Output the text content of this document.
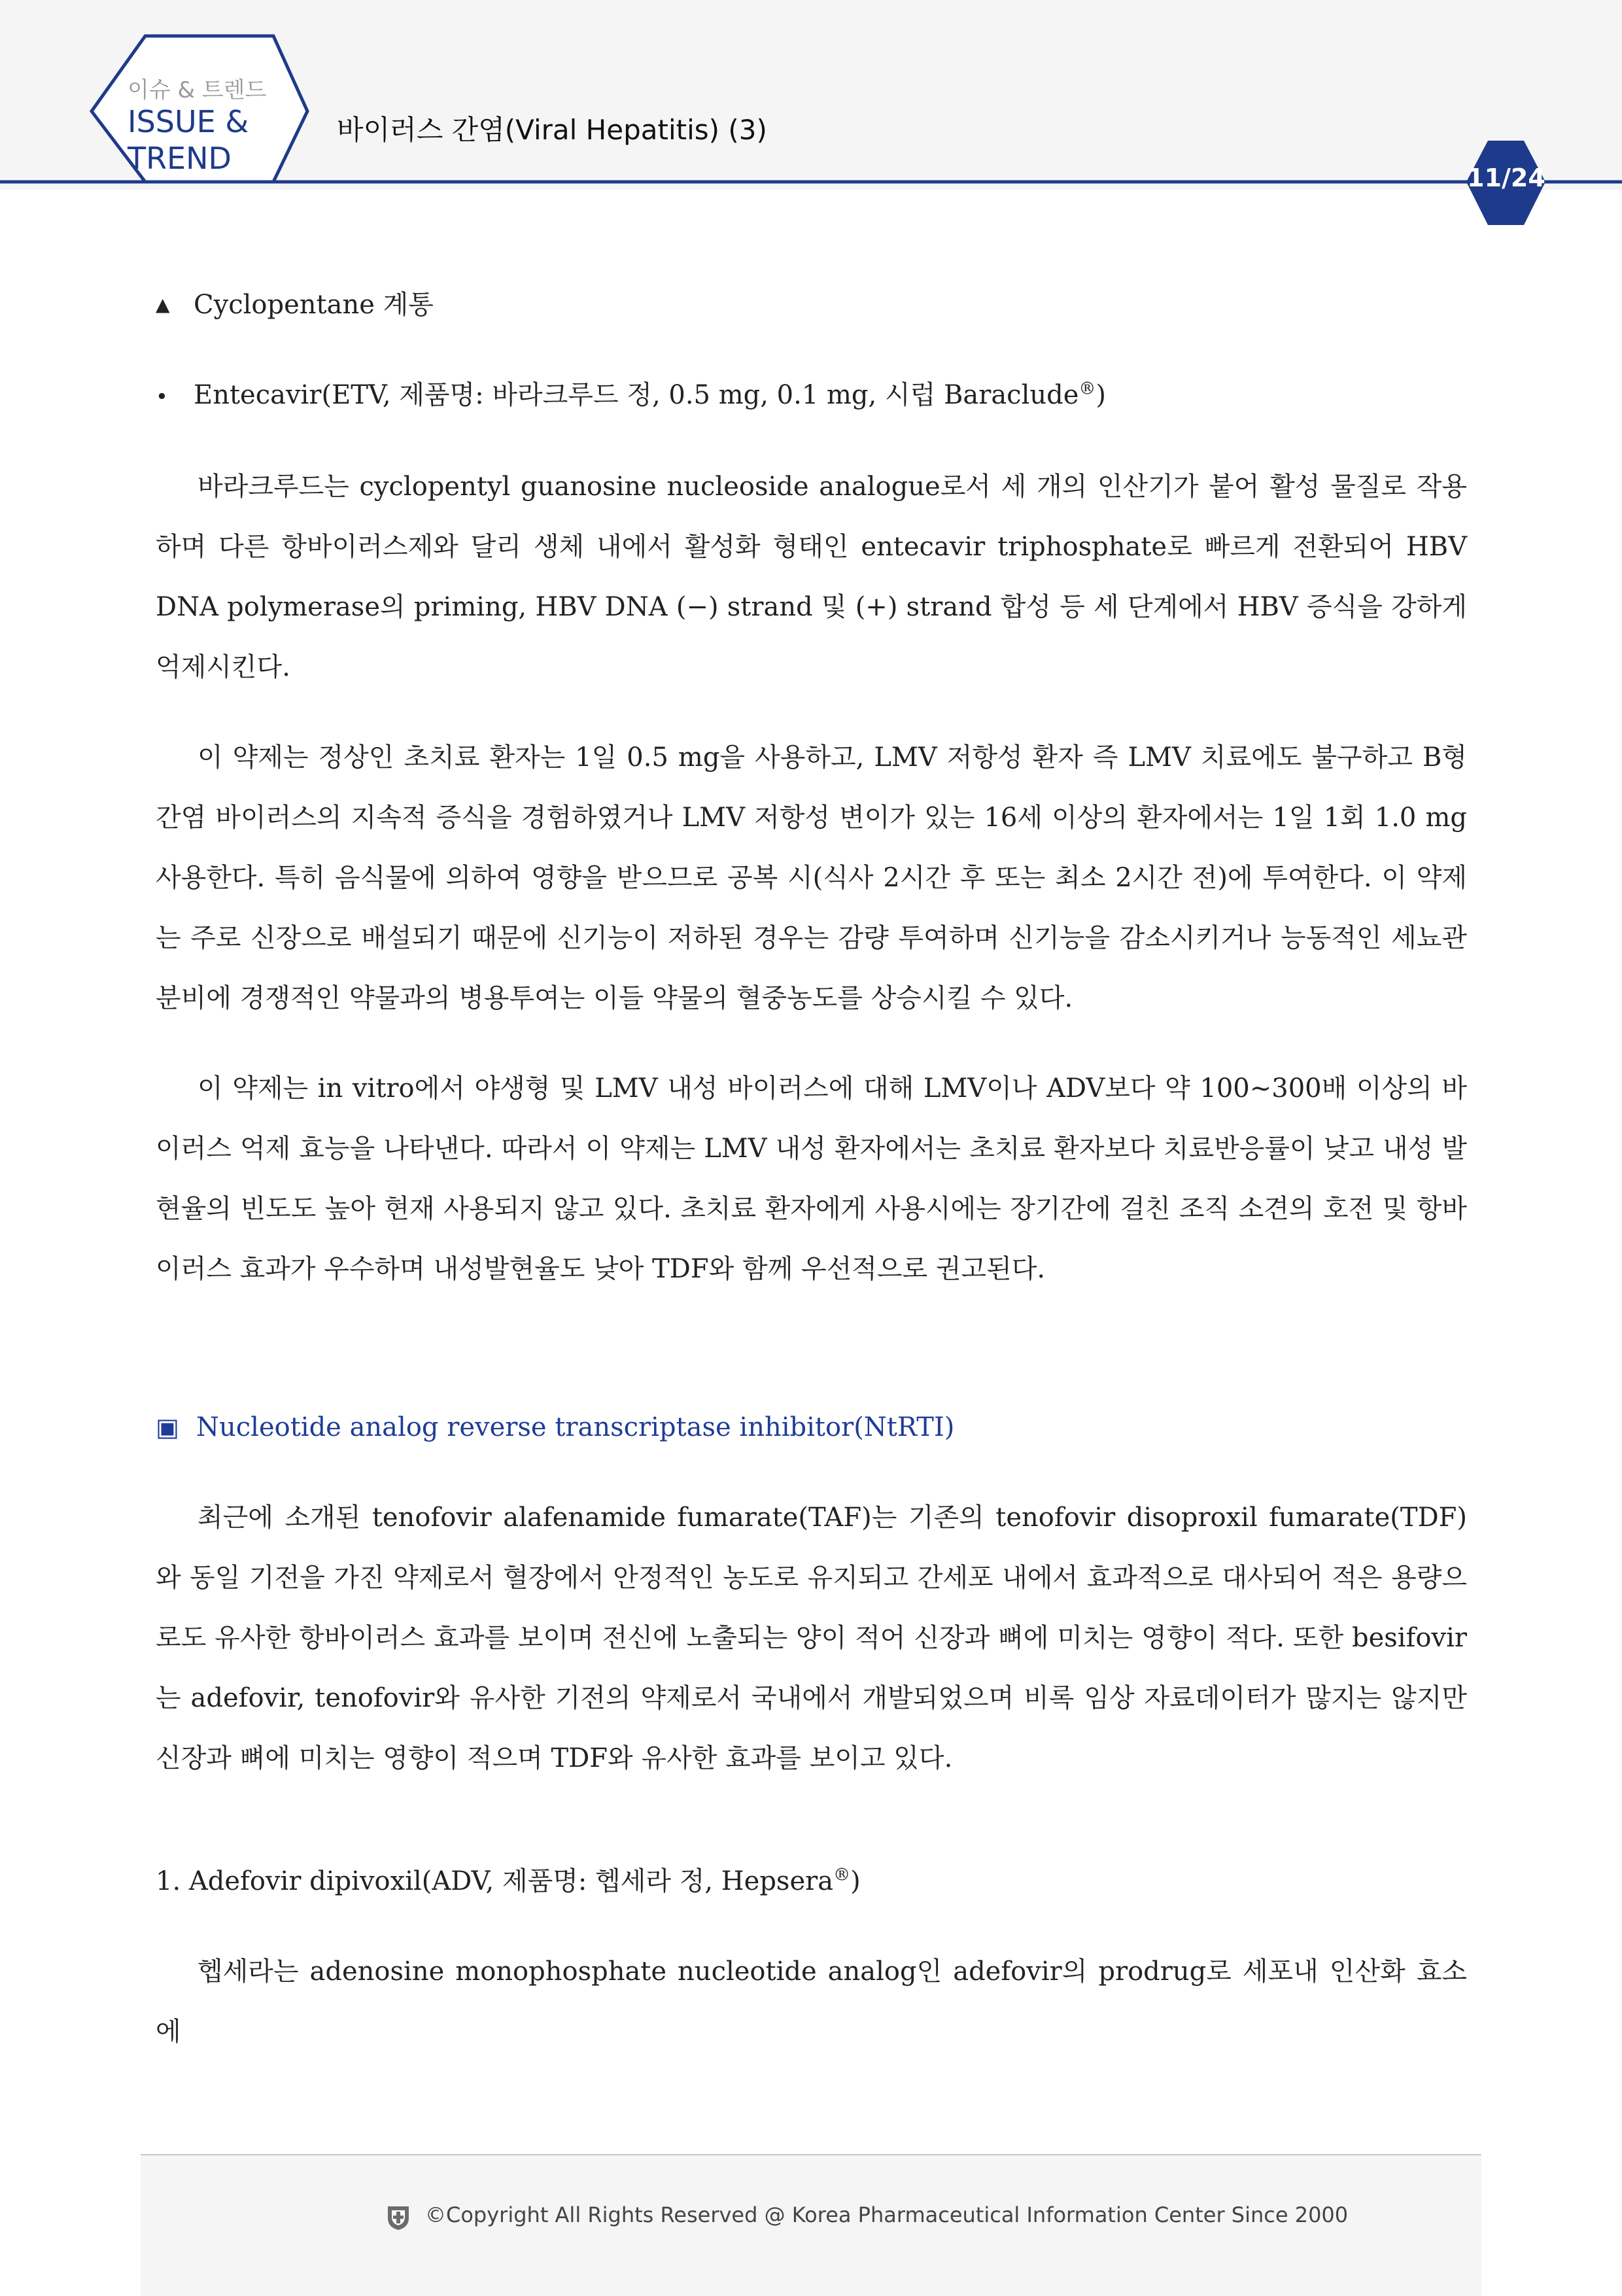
이슈 & 트렌드
ISSUE &
TREND
바이러스 간염(Viral Hepatitis) (3)
11/24
▲ Cyclopentane 계통
• Entecavir(ETV, 제품명: 바라크루드 정, 0.5 mg, 0.1 mg, 시럽 Baraclude®)

바라크루드는 cyclopentyl guanosine nucleoside analogue로서 세 개의 인산기가 붙어 활성 물질로 작용하며 다른 항바이러스제와 달리 생체 내에서 활성화 형태인 entecavir triphosphate로 빠르게 전환되어 HBV DNA polymerase의 priming, HBV DNA (−) strand 및 (+) strand 합성 등 세 단계에서 HBV 증식을 강하게 억제시킨다.

이 약제는 정상인 초치료 환자는 1일 0.5 mg을 사용하고, LMV 저항성 환자 즉 LMV 치료에도 불구하고 B형 간염 바이러스의 지속적 증식을 경험하였거나 LMV 저항성 변이가 있는 16세 이상의 환자에서는 1일 1회 1.0 mg 사용한다. 특히 음식물에 의하여 영향을 받으므로 공복 시(식사 2시간 후 또는 최소 2시간 전)에 투여한다. 이 약제는 주로 신장으로 배설되기 때문에 신기능이 저하된 경우는 감량 투여하며 신기능을 감소시키거나 능동적인 세뇨관 분비에 경쟁적인 약물과의 병용투여는 이들 약물의 혈중농도를 상승시킬 수 있다.

이 약제는 in vitro에서 야생형 및 LMV 내성 바이러스에 대해 LMV이나 ADV보다 약 100∼300배 이상의 바이러스 억제 효능을 나타낸다. 따라서 이 약제는 LMV 내성 환자에서는 초치료 환자보다 치료반응률이 낮고 내성 발현율의 빈도도 높아 현재 사용되지 않고 있다. 초치료 환자에게 사용시에는 장기간에 걸친 조직 소견의 호전 및 항바이러스 효과가 우수하며 내성발현율도 낮아 TDF와 함께 우선적으로 권고된다.

▣ Nucleotide analog reverse transcriptase inhibitor(NtRTI)

최근에 소개된 tenofovir alafenamide fumarate(TAF)는 기존의 tenofovir disoproxil fumarate(TDF)와 동일 기전을 가진 약제로서 혈장에서 안정적인 농도로 유지되고 간세포 내에서 효과적으로 대사되어 적은 용량으로도 유사한 항바이러스 효과를 보이며 전신에 노출되는 양이 적어 신장과 뼈에 미치는 영향이 적다. 또한 besifovir는 adefovir, tenofovir와 유사한 기전의 약제로서 국내에서 개발되었으며 비록 임상 자료데이터가 많지는 않지만 신장과 뼈에 미치는 영향이 적으며 TDF와 유사한 효과를 보이고 있다.

1. Adefovir dipivoxil(ADV, 제품명: 헵세라 정, Hepsera®)

헵세라는 adenosine monophosphate nucleotide analog인 adefovir의 prodrug로 세포내 인산화 효소에

©Copyright All Rights Reserved @ Korea Pharmaceutical Information Center Since 2000
